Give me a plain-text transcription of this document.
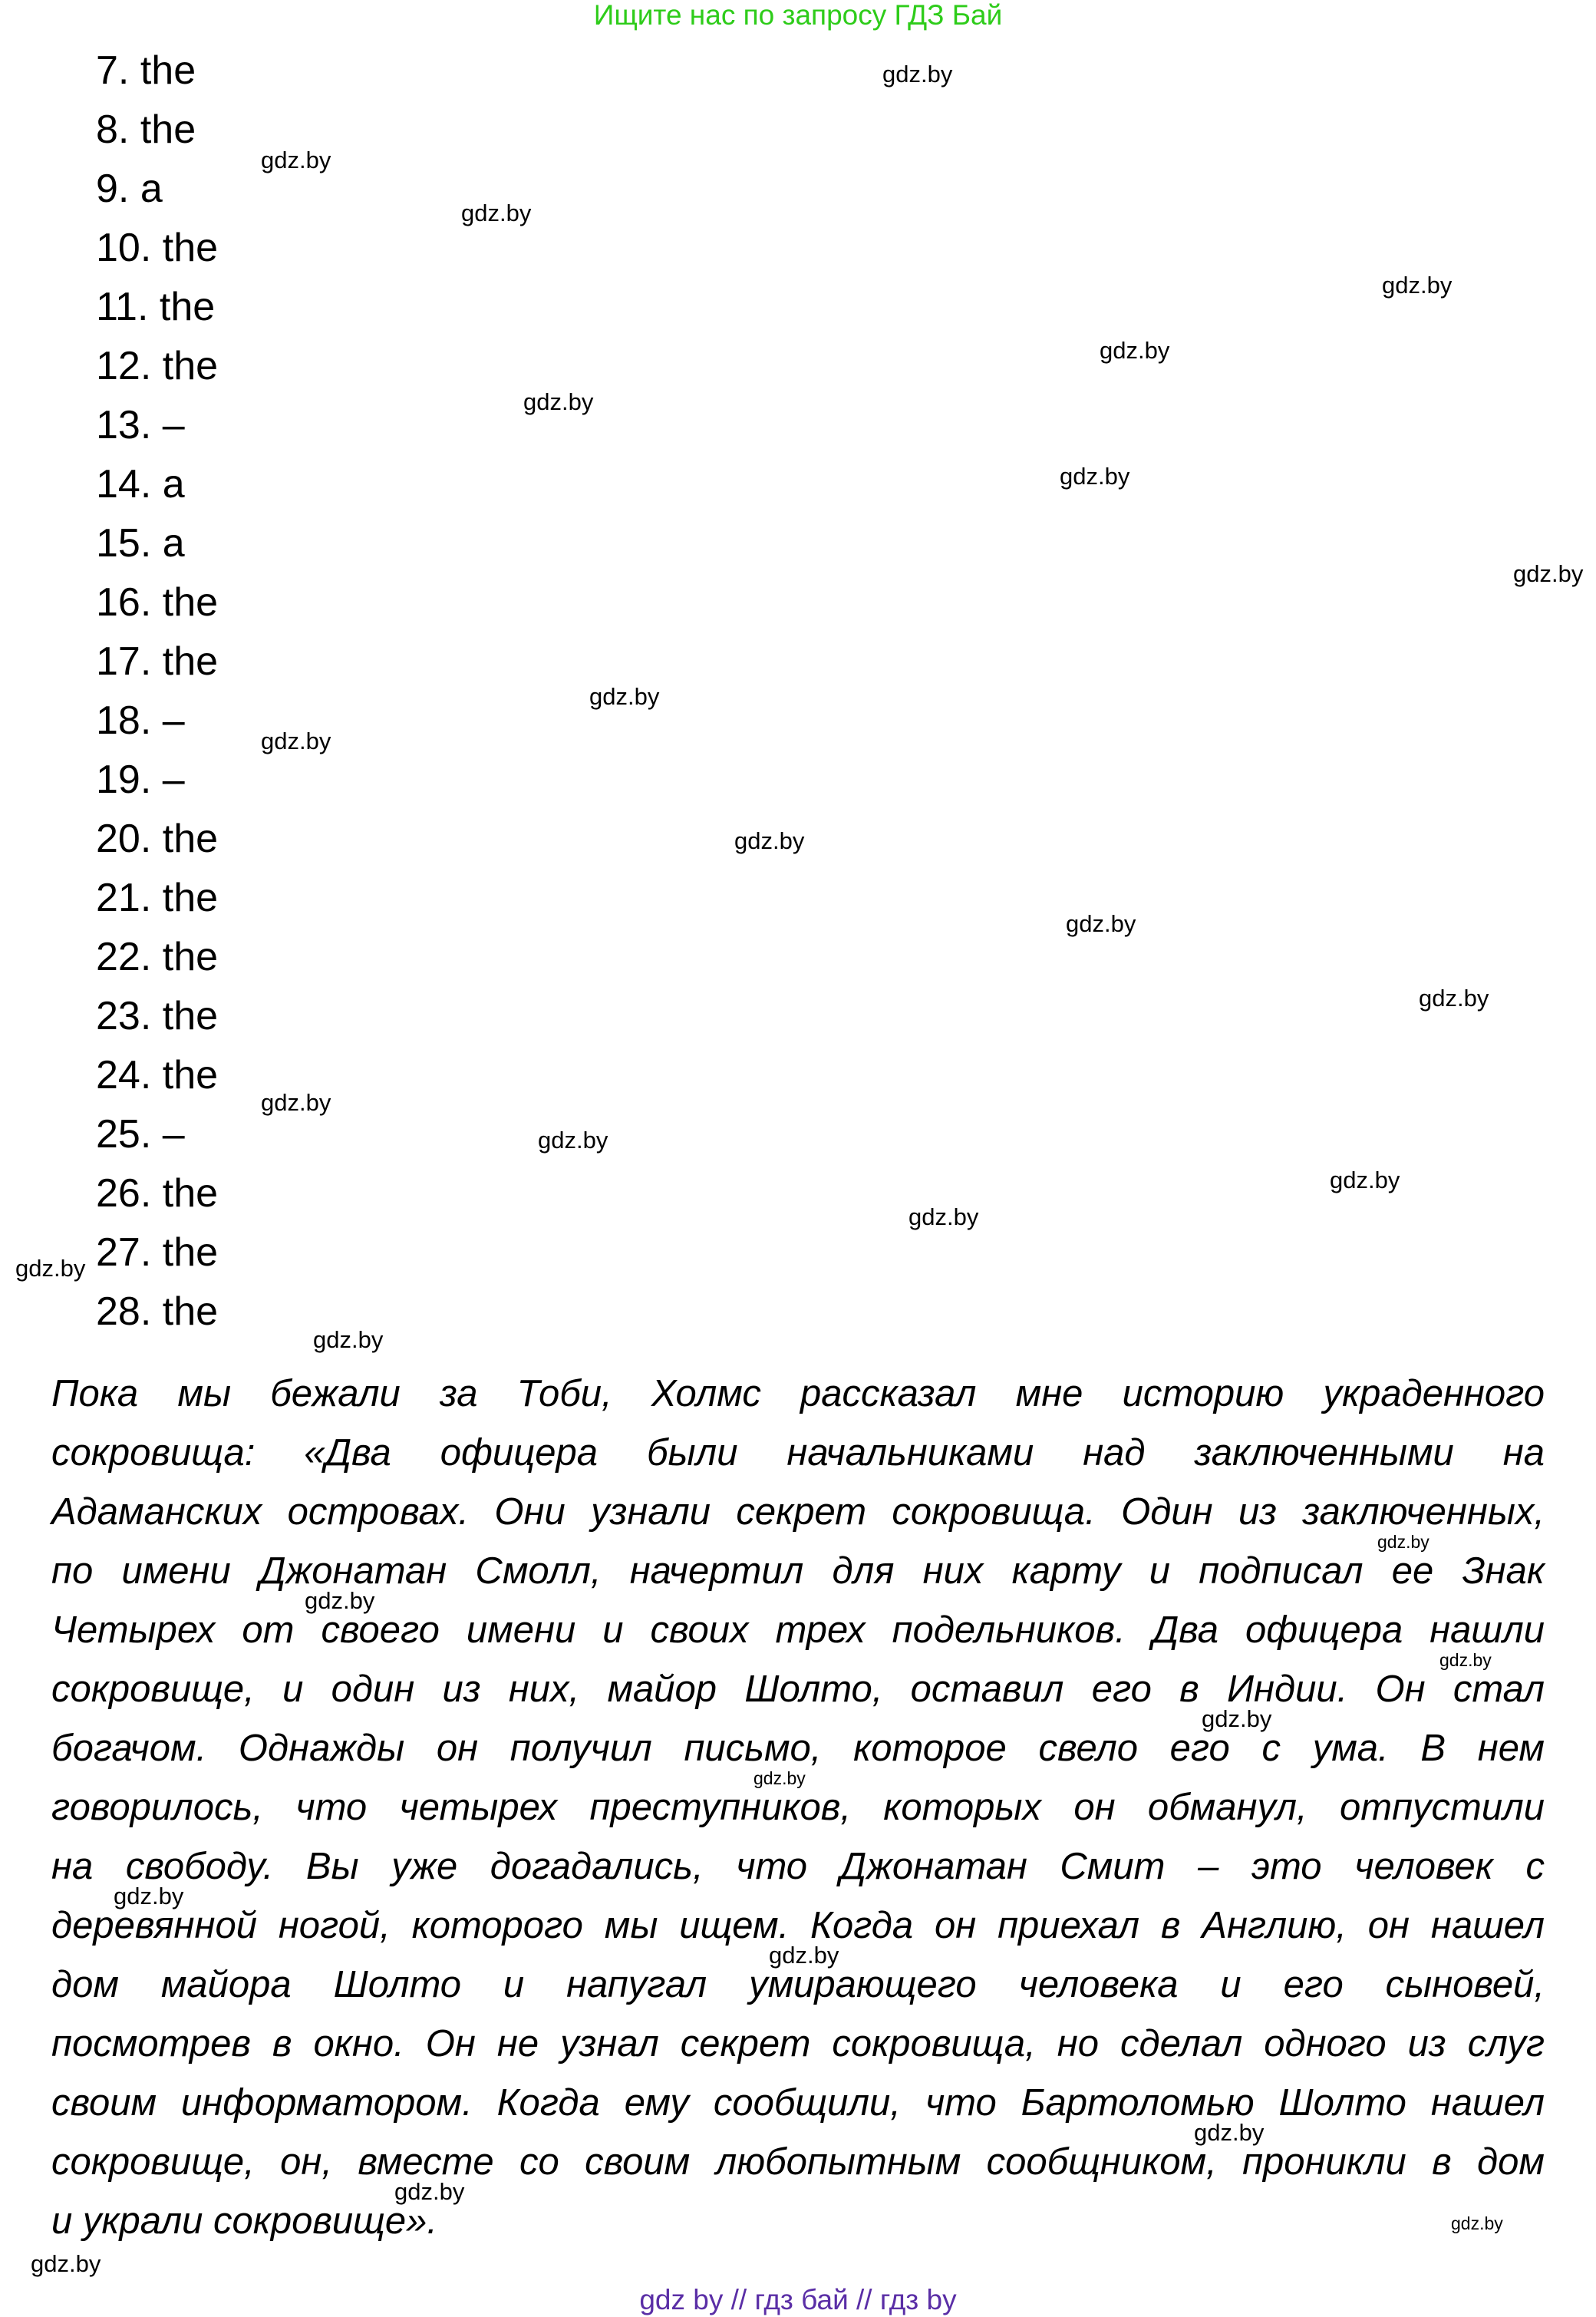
Ищите нас по запросу ГДЗ Бай
7. the
8. the
9. a
10. the
11. the
12. the
13. –
14. a
15. a
16. the
17. the
18. –
19. –
20. the
21. the
22. the
23. the
24. the
25. –
26. the
27. the
28. the
Пока мы бежали за Тоби, Холмс рассказал мне историю украденного
сокровища: «Два офицера были начальниками над заключенными на
Адаманских островах. Они узнали секрет сокровища. Один из заключенных,
по имени Джонатан Смолл, начертил для них карту и подписал ее Знак
Четырех от своего имени и своих трех подельников. Два офицера нашли
сокровище, и один из них, майор Шолто, оставил его в Индии. Он стал
богачом. Однажды он получил письмо, которое свело его с ума. В нем
говорилось, что четырех преступников, которых он обманул, отпустили
на свободу. Вы уже догадались, что Джонатан Смит – это человек с
деревянной ногой, которого мы ищем. Когда он приехал в Англию, он нашел
дом майора Шолто и напугал умирающего человека и его сыновей,
посмотрев в окно. Он не узнал секрет сокровища, но сделал одного из слуг
своим информатором. Когда ему сообщили, что Бартоломью Шолто нашел
сокровище, он, вместе со своим любопытным сообщником, проникли в дом
и украли сокровище».
gdz.by
gdz.by
gdz.by
gdz.by
gdz.by
gdz.by
gdz.by
gdz.by
gdz.by
gdz.by
gdz.by
gdz.by
gdz.by
gdz.by
gdz.by
gdz.by
gdz.by
gdz.by
gdz.by
gdz.by
gdz.by
gdz.by
gdz.by
gdz.by
gdz.by
gdz.by
gdz.by
gdz.by
gdz.by
gdz.by
gdz by // гдз бай // гдз by
